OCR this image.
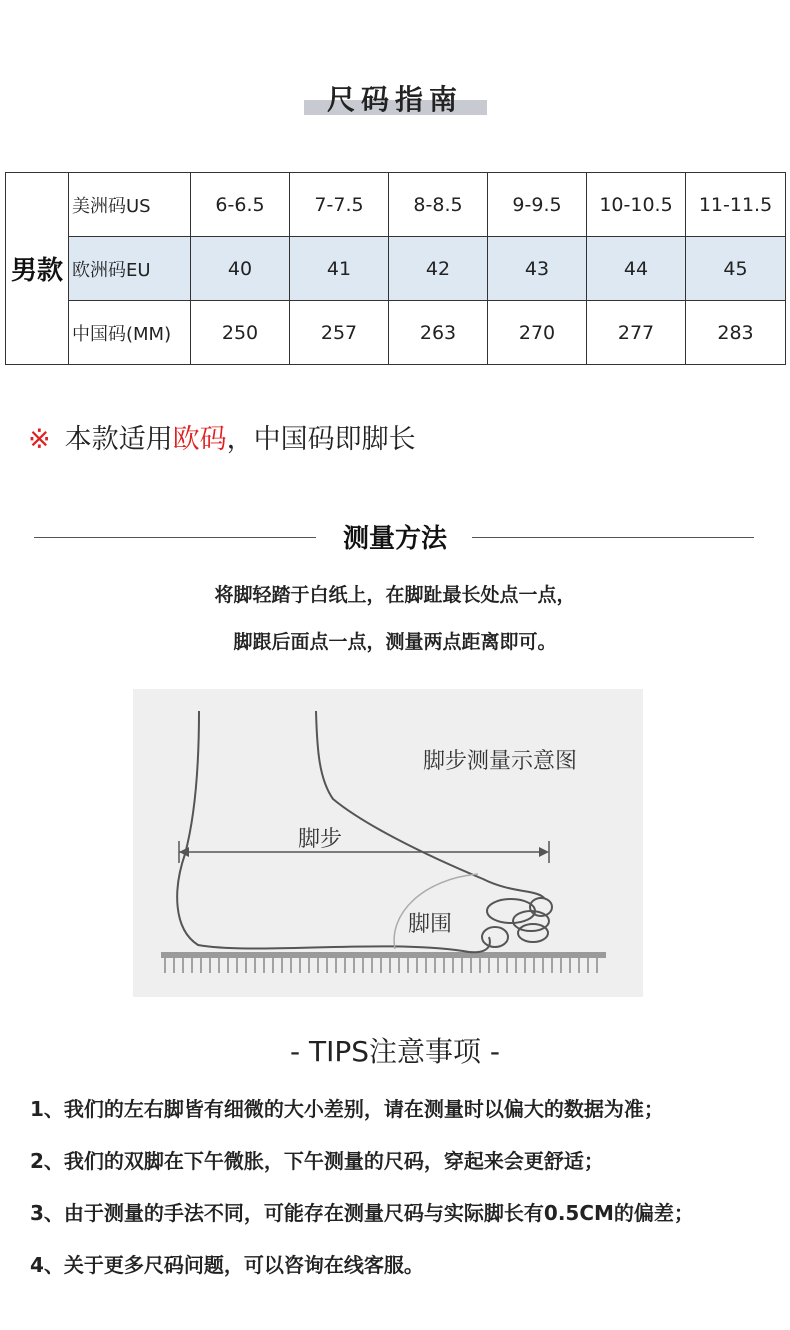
尺码指南
男款	美洲码US	6-6.5	7-7.5	8-8.5	9-9.5	10-10.5	11-11.5
	欧洲码EU	40	41	42	43	44	45
	中国码(MM)	250	257	263	270	277	283
※ 本款适用欧码，中国码即脚长
测量方法
将脚轻踏于白纸上，在脚趾最长处点一点，
脚跟后面点一点，测量两点距离即可。
脚步测量示意图
脚步
脚围
- TIPS注意事项 -
1、我们的左右脚皆有细微的大小差别，请在测量时以偏大的数据为准；
2、我们的双脚在下午微胀，下午测量的尺码，穿起来会更舒适；
3、由于测量的手法不同，可能存在测量尺码与实际脚长有0.5CM的偏差；
4、关于更多尺码问题，可以咨询在线客服。
